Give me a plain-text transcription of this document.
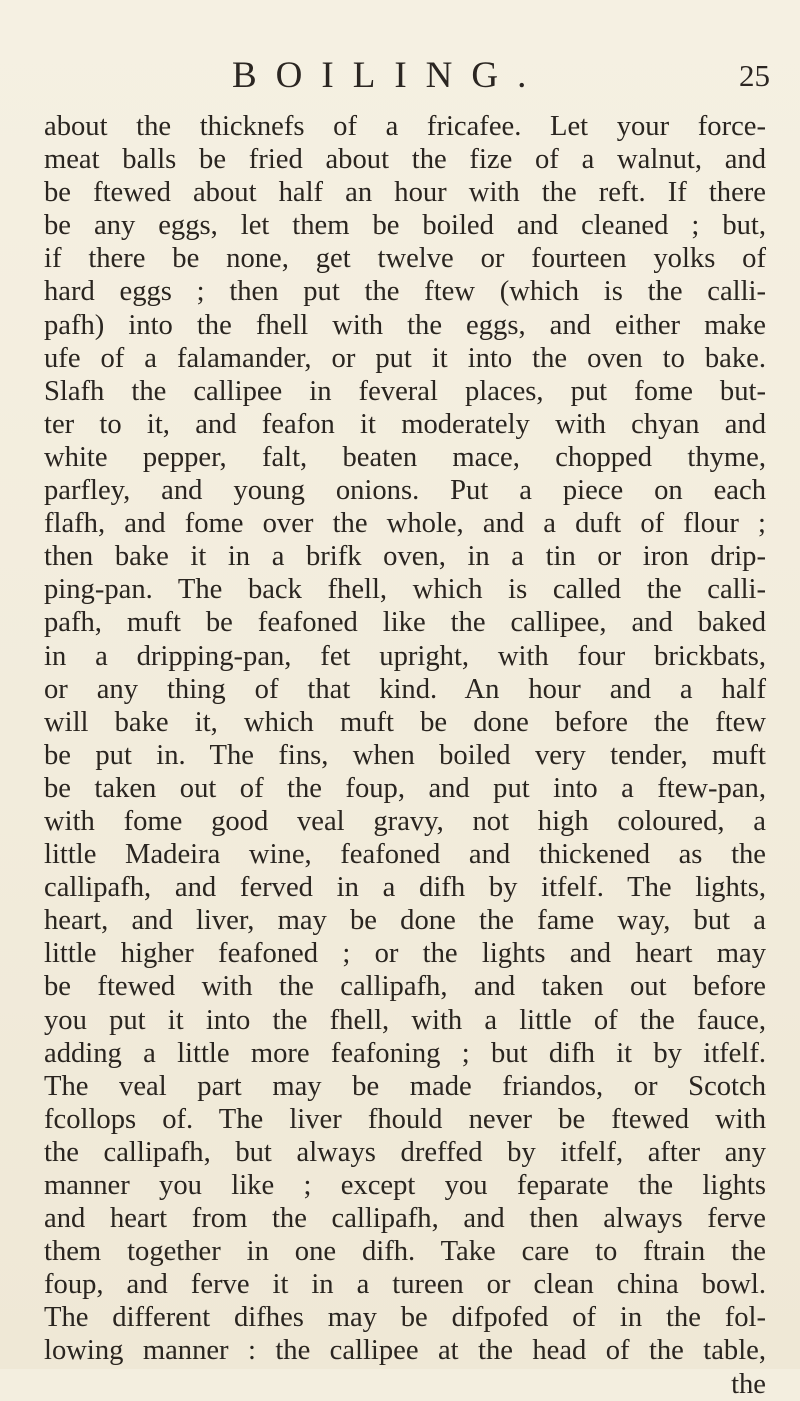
BOILING.	25
about the thicknefs of a fricafee. Let your force-
meat balls be fried about the fize of a walnut, and
be ftewed about half an hour with the reft. If there
be any eggs, let them be boiled and cleaned ; but,
if there be none, get twelve or fourteen yolks of
hard eggs ; then put the ftew (which is the calli-
pafh) into the fhell with the eggs, and either make
ufe of a falamander, or put it into the oven to bake.
Slafh the callipee in feveral places, put fome but-
ter to it, and feafon it moderately with chyan and
white pepper, falt, beaten mace, chopped thyme,
parfley, and young onions. Put a piece on each
flafh, and fome over the whole, and a duft of flour ;
then bake it in a brifk oven, in a tin or iron drip-
ping-pan. The back fhell, which is called the calli-
pafh, muft be feafoned like the callipee, and baked
in a dripping-pan, fet upright, with four brickbats,
or any thing of that kind. An hour and a half
will bake it, which muft be done before the ftew
be put in. The fins, when boiled very tender, muft
be taken out of the foup, and put into a ftew-pan,
with fome good veal gravy, not high coloured, a
little Madeira wine, feafoned and thickened as the
callipafh, and ferved in a difh by itfelf. The lights,
heart, and liver, may be done the fame way, but a
little higher feafoned ; or the lights and heart may
be ftewed with the callipafh, and taken out before
you put it into the fhell, with a little of the fauce,
adding a little more feafoning ; but difh it by itfelf.
The veal part may be made friandos, or Scotch
fcollops of. The liver fhould never be ftewed with
the callipafh, but always dreffed by itfelf, after any
manner you like ; except you feparate the lights
and heart from the callipafh, and then always ferve
them together in one difh. Take care to ftrain the
foup, and ferve it in a tureen or clean china bowl.
The different difhes may be difpofed of in the fol-
lowing manner : the callipee at the head of the table,
the
